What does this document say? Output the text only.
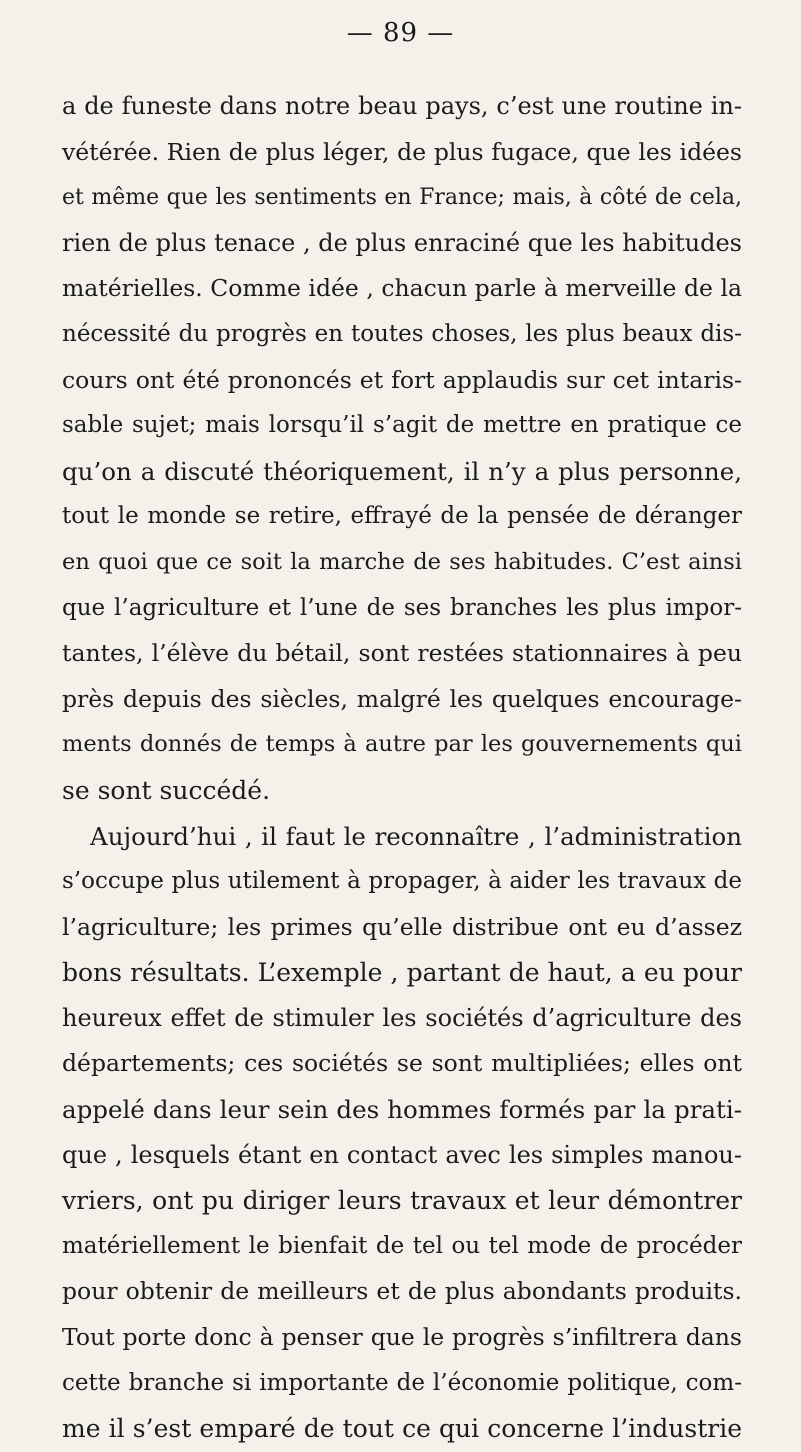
— 89 —
a de funeste dans notre beau pays, c’est une routine in-
vétérée. Rien de plus léger, de plus fugace, que les idées
et même que les sentiments en France; mais, à côté de cela,
rien de plus tenace , de plus enraciné que les habitudes
matérielles. Comme idée , chacun parle à merveille de la
nécessité du progrès en toutes choses, les plus beaux dis-
cours ont été prononcés et fort applaudis sur cet intaris-
sable sujet; mais lorsqu’il s’agit de mettre en pratique ce
qu’on a discuté théoriquement, il n’y a plus personne,
tout le monde se retire, effrayé de la pensée de déranger
en quoi que ce soit la marche de ses habitudes. C’est ainsi
que l’agriculture et l’une de ses branches les plus impor-
tantes, l’élève du bétail, sont restées stationnaires à peu
près depuis des siècles, malgré les quelques encourage-
ments donnés de temps à autre par les gouvernements qui
se sont succédé.
Aujourd’hui , il faut le reconnaître , l’administration
s’occupe plus utilement à propager, à aider les travaux de
l’agriculture; les primes qu’elle distribue ont eu d’assez
bons résultats. L’exemple , partant de haut, a eu pour
heureux effet de stimuler les sociétés d’agriculture des
départements; ces sociétés se sont multipliées; elles ont
appelé dans leur sein des hommes formés par la prati-
que , lesquels étant en contact avec les simples manou-
vriers, ont pu diriger leurs travaux et leur démontrer
matériellement le bienfait de tel ou tel mode de procéder
pour obtenir de meilleurs et de plus abondants produits.
Tout porte donc à penser que le progrès s’infiltrera dans
cette branche si importante de l’économie politique, com-
me il s’est emparé de tout ce qui concerne l’industrie
